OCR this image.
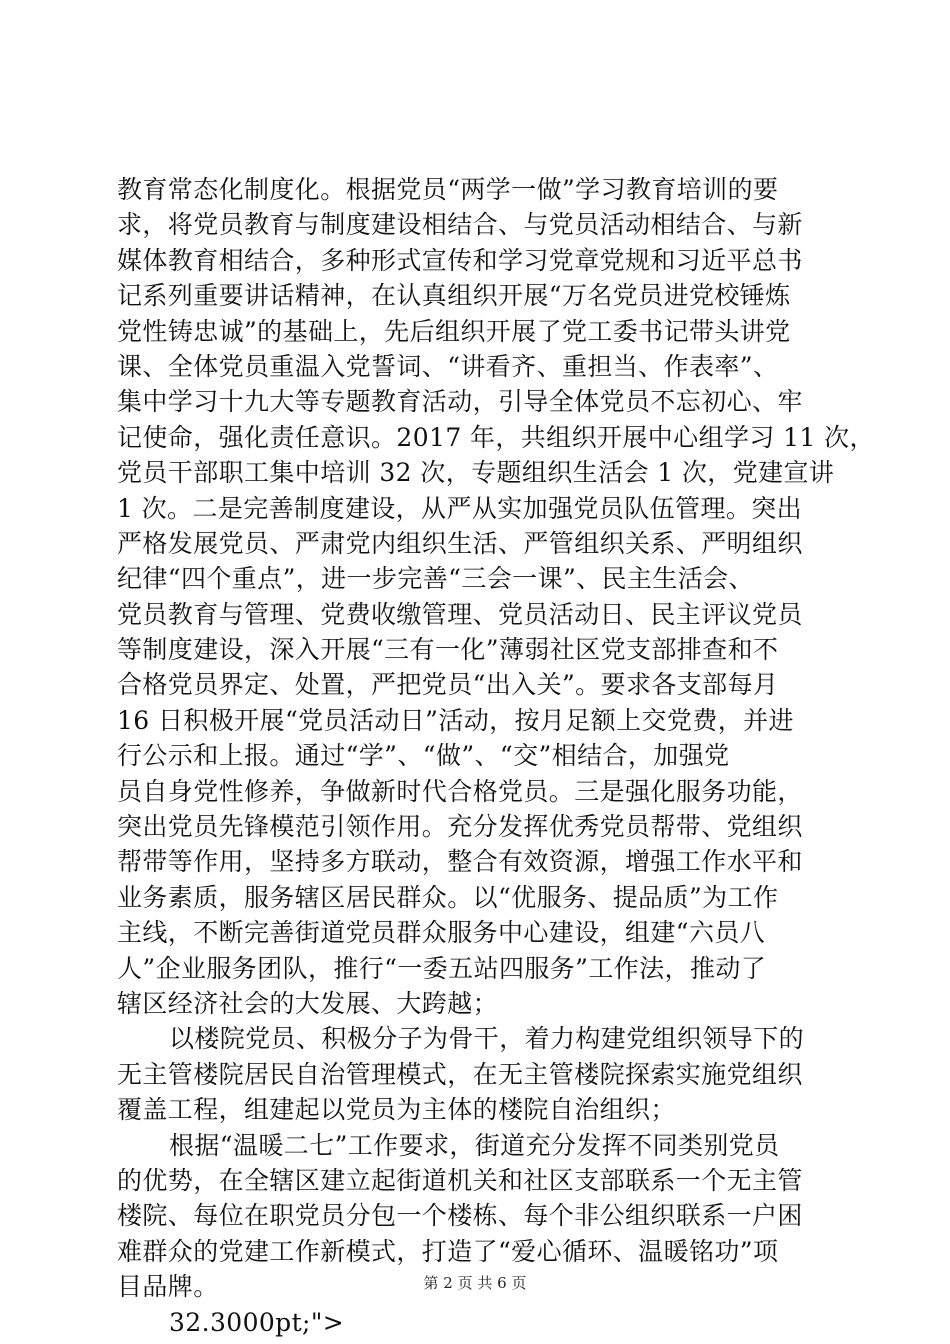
教育常态化制度化。根据党员“两学一做”学习教育培训的要
求，将党员教育与制度建设相结合、与党员活动相结合、与新
媒体教育相结合，多种形式宣传和学习党章党规和习近平总书
记系列重要讲话精神，在认真组织开展“万名党员进党校锤炼
党性铸忠诚”的基础上，先后组织开展了党工委书记带头讲党
课、全体党员重温入党誓词、“讲看齐、重担当、作表率”、
集中学习十九大等专题教育活动，引导全体党员不忘初心、牢
记使命，强化责任意识。2017 年，共组织开展中心组学习 11 次，
党员干部职工集中培训 32 次，专题组织生活会 1 次，党建宣讲
1 次。二是完善制度建设，从严从实加强党员队伍管理。突出
严格发展党员、严肃党内组织生活、严管组织关系、严明组织
纪律“四个重点”，进一步完善“三会一课”、民主生活会、
党员教育与管理、党费收缴管理、党员活动日、民主评议党员
等制度建设，深入开展“三有一化”薄弱社区党支部排查和不
合格党员界定、处置，严把党员“出入关”。要求各支部每月
16 日积极开展“党员活动日”活动，按月足额上交党费，并进
行公示和上报。通过“学”、“做”、“交”相结合，加强党
员自身党性修养，争做新时代合格党员。三是强化服务功能，
突出党员先锋模范引领作用。充分发挥优秀党员帮带、党组织
帮带等作用，坚持多方联动，整合有效资源，增强工作水平和
业务素质，服务辖区居民群众。以“优服务、提品质”为工作
主线，不断完善街道党员群众服务中心建设，组建“六员八
人”企业服务团队，推行“一委五站四服务”工作法，推动了
辖区经济社会的大发展、大跨越；
以楼院党员、积极分子为骨干，着力构建党组织领导下的
无主管楼院居民自治管理模式，在无主管楼院探索实施党组织
覆盖工程，组建起以党员为主体的楼院自治组织；
根据“温暖二七”工作要求，街道充分发挥不同类别党员
的优势，在全辖区建立起街道机关和社区支部联系一个无主管
楼院、每位在职党员分包一个楼栋、每个非公组织联系一户困
难群众的党建工作新模式，打造了“爱心循环、温暖铭功”项
目品牌。
32.3000pt;">
第 2 页 共 6 页
